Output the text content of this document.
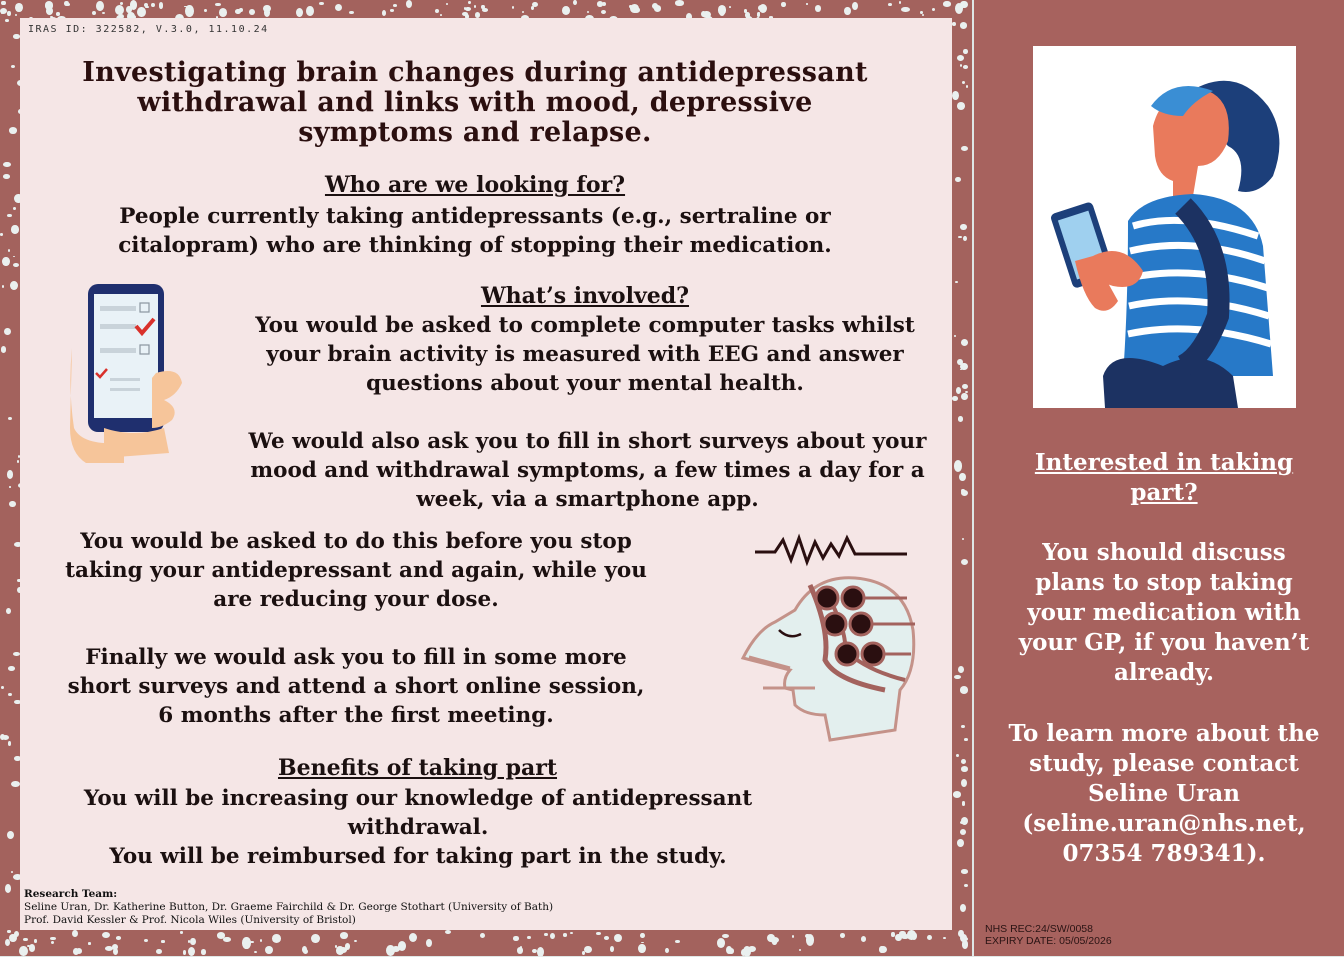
IRAS ID: 322582, V.3.0, 11.10.24
Investigating brain changes during antidepressant withdrawal and links with mood, depressive symptoms and relapse.
Who are we looking for?
People currently taking antidepressants (e.g., sertraline or
citalopram) who are thinking of stopping their medication.
What’s involved?
You would be asked to complete computer tasks whilst
your brain activity is measured with EEG and answer
questions about your mental health.
We would also ask you to fill in short surveys about your
mood and withdrawal symptoms, a few times a day for a
week, via a smartphone app.
You would be asked to do this before you stop
taking your antidepressant and again, while you
are reducing your dose.
Finally we would ask you to fill in some more
short surveys and attend a short online session,
6 months after the first meeting.
Benefits of taking part
You will be increasing our knowledge of antidepressant
withdrawal.
You will be reimbursed for taking part in the study.
Research Team:
Seline Uran, Dr. Katherine Button, Dr. Graeme Fairchild & Dr. George Stothart (University of Bath)
Prof. David Kessler & Prof. Nicola Wiles (University of Bristol)
Interested in taking
part?
You should discuss
plans to stop taking
your medication with
your GP, if you haven’t
already.
To learn more about the
study, please contact
Seline Uran
(seline.uran@nhs.net,
07354 789341).
NHS REC:24/SW/0058
EXPIRY DATE: 05/05/2026
